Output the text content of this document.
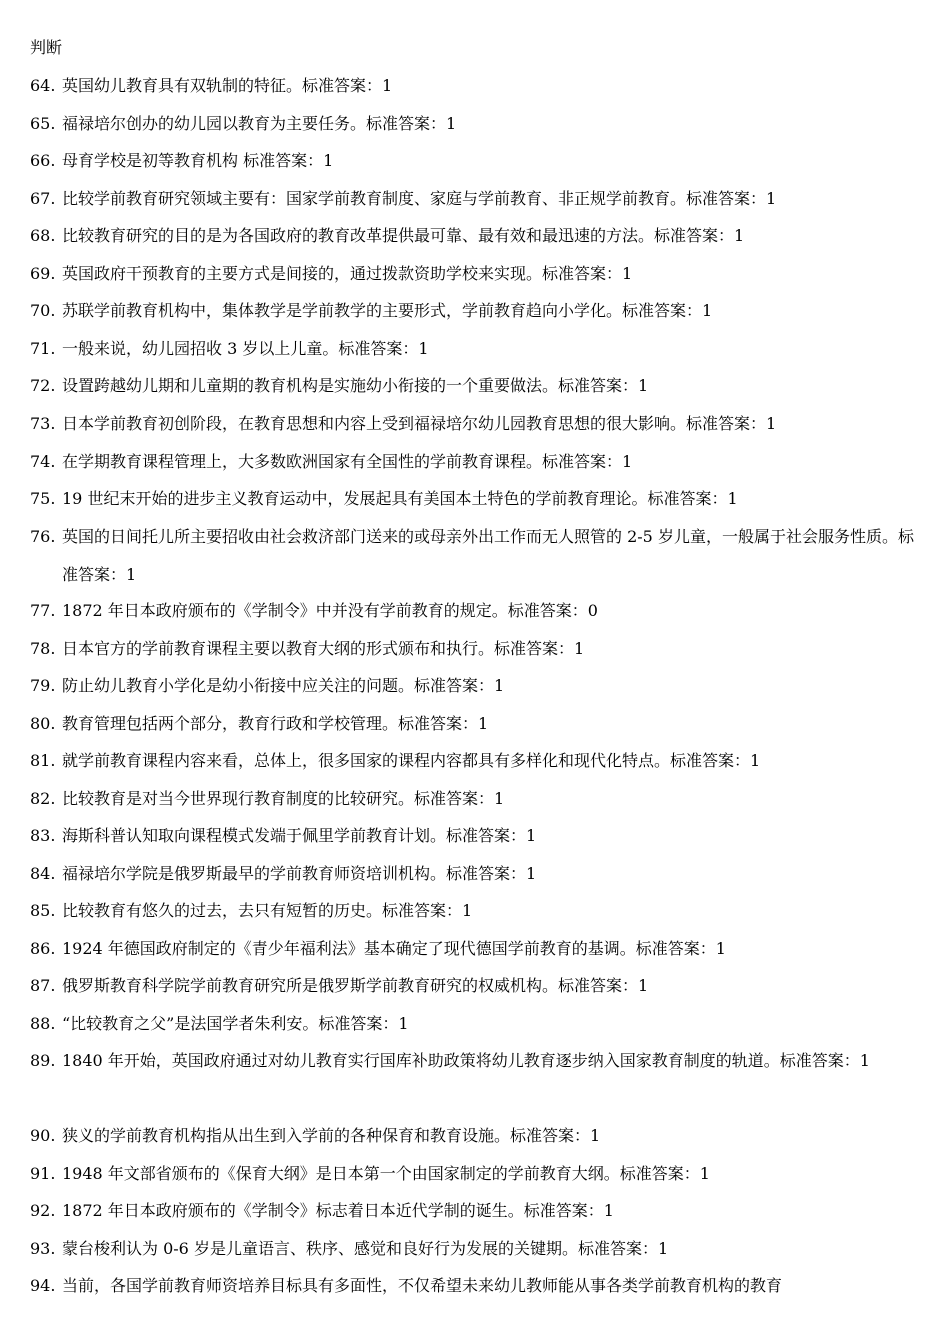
判断
64. 英国幼儿教育具有双轨制的特征。标准答案：1
65. 福禄培尔创办的幼儿园以教育为主要任务。标准答案：1
66. 母育学校是初等教育机构 标准答案：1
67. 比较学前教育研究领域主要有：国家学前教育制度、家庭与学前教育、非正规学前教育。标准答案：1
68. 比较教育研究的目的是为各国政府的教育改革提供最可靠、最有效和最迅速的方法。标准答案：1
69. 英国政府干预教育的主要方式是间接的，通过拨款资助学校来实现。标准答案：1
70. 苏联学前教育机构中，集体教学是学前教学的主要形式，学前教育趋向小学化。标准答案：1
71. 一般来说，幼儿园招收 3 岁以上儿童。标准答案：1
72. 设置跨越幼儿期和儿童期的教育机构是实施幼小衔接的一个重要做法。标准答案：1
73. 日本学前教育初创阶段，在教育思想和内容上受到福禄培尔幼儿园教育思想的很大影响。标准答案：1
74. 在学期教育课程管理上，大多数欧洲国家有全国性的学前教育课程。标准答案：1
75. 19 世纪末开始的进步主义教育运动中，发展起具有美国本土特色的学前教育理论。标准答案：1
76. 英国的日间托儿所主要招收由社会救济部门送来的或母亲外出工作而无人照管的 2-5 岁儿童，一般属于社会服务性质。标准答案：1
77. 1872 年日本政府颁布的《学制令》中并没有学前教育的规定。标准答案：0
78. 日本官方的学前教育课程主要以教育大纲的形式颁布和执行。标准答案：1
79. 防止幼儿教育小学化是幼小衔接中应关注的问题。标准答案：1
80. 教育管理包括两个部分，教育行政和学校管理。标准答案：1
81. 就学前教育课程内容来看，总体上，很多国家的课程内容都具有多样化和现代化特点。标准答案：1
82. 比较教育是对当今世界现行教育制度的比较研究。标准答案：1
83. 海斯科普认知取向课程模式发端于佩里学前教育计划。标准答案：1
84. 福禄培尔学院是俄罗斯最早的学前教育师资培训机构。标准答案：1
85. 比较教育有悠久的过去，去只有短暂的历史。标准答案：1
86. 1924 年德国政府制定的《青少年福利法》基本确定了现代德国学前教育的基调。标准答案：1
87. 俄罗斯教育科学院学前教育研究所是俄罗斯学前教育研究的权威机构。标准答案：1
88. “比较教育之父”是法国学者朱利安。标准答案：1
89. 1840 年开始，英国政府通过对幼儿教育实行国库补助政策将幼儿教育逐步纳入国家教育制度的轨道。标准答案：1
90. 狭义的学前教育机构指从出生到入学前的各种保育和教育设施。标准答案：1
91. 1948 年文部省颁布的《保育大纲》是日本第一个由国家制定的学前教育大纲。标准答案：1
92. 1872 年日本政府颁布的《学制令》标志着日本近代学制的诞生。标准答案：1
93. 蒙台梭利认为 0-6 岁是儿童语言、秩序、感觉和良好行为发展的关键期。标准答案：1
94. 当前，各国学前教育师资培养目标具有多面性，不仅希望未来幼儿教师能从事各类学前教育机构的教育
